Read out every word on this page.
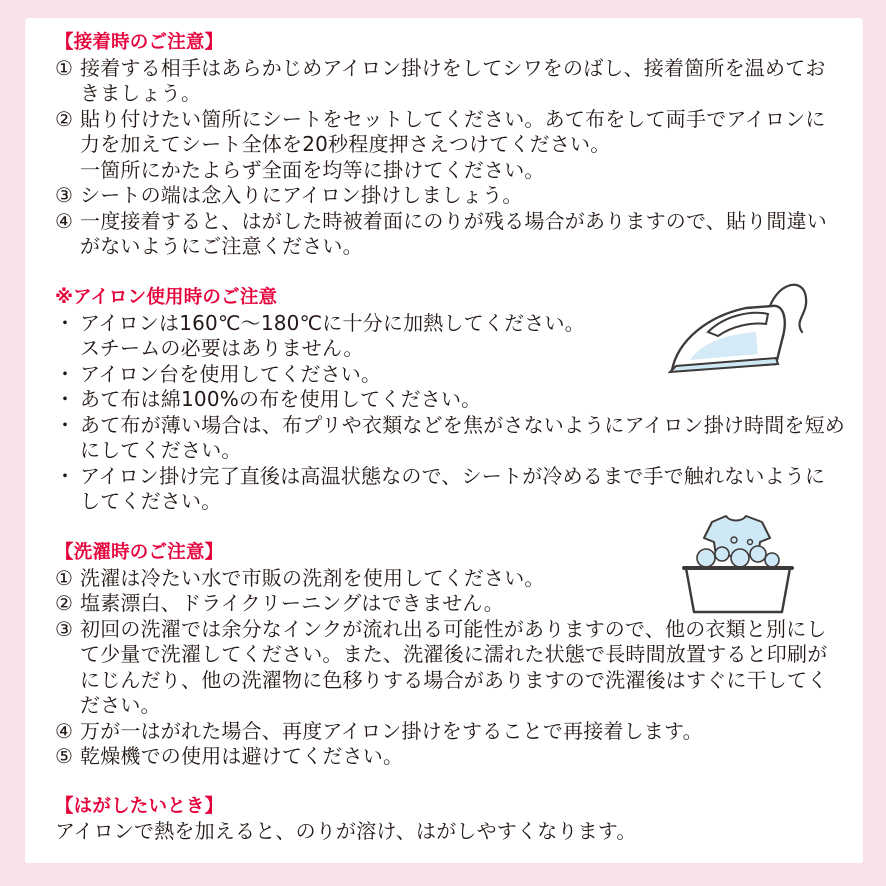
【接着時のご注意】
① 接着する相手はあらかじめアイロン掛けをしてシワをのばし、接着箇所を温めておきましょう。
② 貼り付けたい箇所にシートをセットしてください。あて布をして両手でアイロンに力を加えてシート全体を20秒程度押さえつけてください。
一箇所にかたよらず全面を均等に掛けてください。
③ シートの端は念入りにアイロン掛けしましょう。
④ 一度接着すると、はがした時被着面にのりが残る場合がありますので、貼り間違いがないようにご注意ください。
※アイロン使用時のご注意
・ アイロンは160℃～180℃に十分に加熱してください。
スチームの必要はありません。
・ アイロン台を使用してください。
・ あて布は綿100%の布を使用してください。
・ あて布が薄い場合は、布プリや衣類などを焦がさないようにアイロン掛け時間を短めにしてください。
・ アイロン掛け完了直後は高温状態なので、シートが冷めるまで手で触れないようにしてください。
【洗濯時のご注意】
① 洗濯は冷たい水で市販の洗剤を使用してください。
② 塩素漂白、ドライクリーニングはできません。
③ 初回の洗濯では余分なインクが流れ出る可能性がありますので、他の衣類と別にして少量で洗濯してください。また、洗濯後に濡れた状態で長時間放置すると印刷がにじんだり、他の洗濯物に色移りする場合がありますので洗濯後はすぐに干してください。
④ 万が一はがれた場合、再度アイロン掛けをすることで再接着します。
⑤ 乾燥機での使用は避けてください。
【はがしたいとき】
アイロンで熱を加えると、のりが溶け、はがしやすくなります。
